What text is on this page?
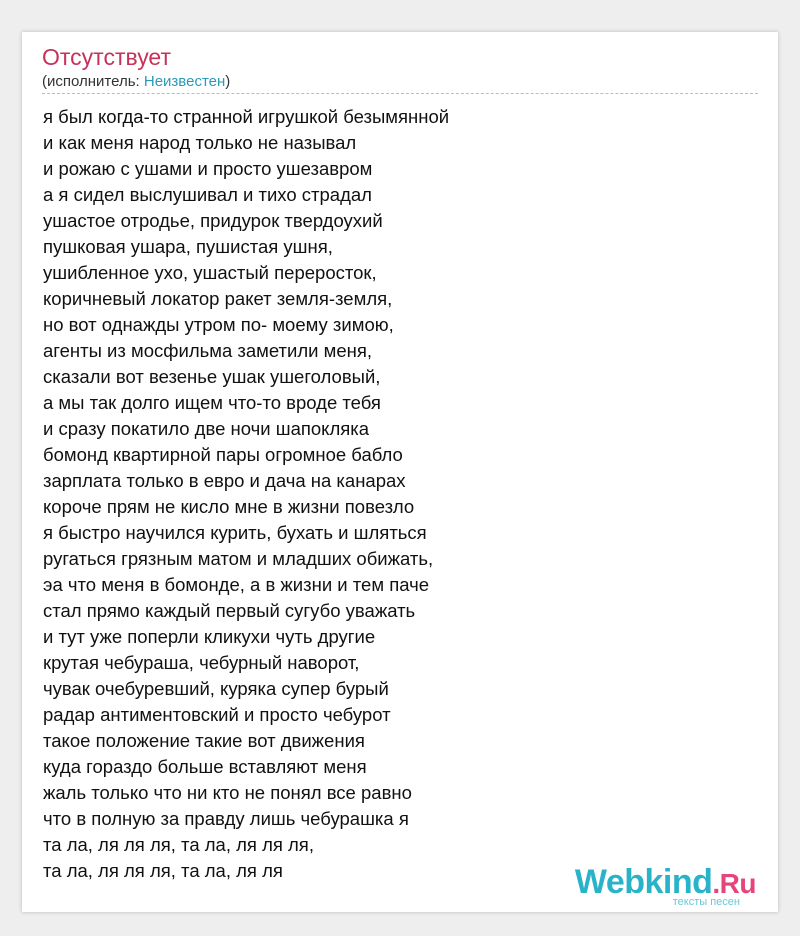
Отсутствует
(исполнитель: Неизвестен)
я был когда-то странной игрушкой безымянной
и как меня народ только не называл
и рожаю с ушами и просто ушезавром
а я сидел выслушивал и тихо страдал
ушастое отродье, придурок твердоухий
пушковая ушара, пушистая ушня,
ушибленное ухо, ушастый переросток,
коричневый локатор ракет земля-земля,
но вот однажды утром по- моему зимою,
агенты из мосфильма заметили меня,
сказали вот везенье ушак ушеголовый,
а мы так долго ищем что-то вроде тебя
и сразу покатило две ночи шапокляка
бомонд квартирной пары огромное бабло
зарплата только в евро и дача на канарах
короче прям не кисло мне в жизни повезло
я быстро научился курить, бухать и шляться
ругаться грязным матом и младших обижать,
эа что меня в бомонде, а в жизни и тем паче
стал прямо каждый первый сугубо уважать
и тут уже поперли кликухи чуть другие
крутая чебураша, чебурный наворот,
чувак очебуревший, куряка супер бурый
радар антиментовский и просто чебурот
такое положение такие вот движения
куда гораздо больше вставляют меня
жаль только что ни кто не понял все равно
что в полную за правду лишь чебурашка я
та ла, ля ля ля, та ла, ля ля ля,
та ла, ля ля ля, та ла, ля ля	Webkind.Ru
тексты песен
